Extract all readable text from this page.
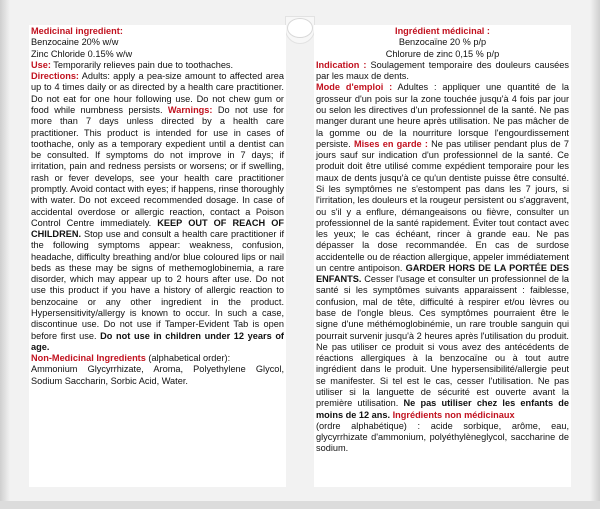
Medicinal ingredient:
Benzocaine 20% w/w
Zinc Chloride 0.15% w/w
Use: Temporarily relieves pain due to toothaches.
Directions: Adults: apply a pea-size amount to affected area up to 4 times daily or as directed by a health care practitioner. Do not eat for one hour following use. Do not chew gum or food while numbness persists. Warnings: Do not use for more than 7 days unless directed by a health care practitioner. This product is intended for use in cases of toothache, only as a temporary expedient until a dentist can be consulted. If symptoms do not improve in 7 days; if irritation, pain and redness persists or worsens; or if swelling, rash or fever develops, see your health care practitioner promptly. Avoid contact with eyes; if happens, rinse thoroughly with water. Do not exceed recommended dosage. In case of accidental overdose or allergic reaction, contact a Poison Control Centre immediately. KEEP OUT OF REACH OF CHILDREN. Stop use and consult a health care practitioner if the following symptoms appear: weakness, confusion, headache, difficulty breathing and/or blue coloured lips or nail beds as these may be signs of methemoglobinemia, a rare disorder, which may appear up to 2 hours after use. Do not use this product if you have a history of allergic reaction to benzocaine or any other ingredient in the product. Hypersensitivity/allergy is known to occur. In such a case, discontinue use. Do not use if Tamper-Evident Tab is open before first use. Do not use in children under 12 years of age.
Non-Medicinal Ingredients (alphabetical order):
Ammonium Glycyrrhizate, Aroma, Polyethylene Glycol, Sodium Saccharin, Sorbic Acid, Water.
Ingrédient médicinal :
Benzocaïne 20 % p/p
Chlorure de zinc 0,15 % p/p
Indication : Soulagement temporaire des douleurs causées par les maux de dents.
Mode d'emploi : Adultes : appliquer une quantité de la grosseur d'un pois sur la zone touchée jusqu'à 4 fois par jour ou selon les directives d'un professionnel de la santé. Ne pas manger durant une heure après utilisation. Ne pas mâcher de la gomme ou de la nourriture lorsque l'engourdissement persiste. Mises en garde : Ne pas utiliser pendant plus de 7 jours sauf sur indication d'un professionnel de la santé. Ce produit doit être utilisé comme expédient temporaire pour les maux de dents jusqu'à ce qu'un dentiste puisse être consulté. Si les symptômes ne s'estompent pas dans les 7 jours, si l'irritation, les douleurs et la rougeur persistent ou s'aggravent, ou s'il y a enflure, démangeaisons ou fièvre, consulter un professionnel de la santé rapidement. Éviter tout contact avec les yeux; le cas échéant, rincer à grande eau. Ne pas dépasser la dose recommandée. En cas de surdose accidentelle ou de réaction allergique, appeler immédiatement un centre antipoison. GARDER HORS DE LA PORTÉE DES ENFANTS. Cesser l'usage et consulter un professionnel de la santé si les symptômes suivants apparaissent : faiblesse, confusion, mal de tête, difficulté à respirer et/ou lèvres ou base de l'ongle bleus. Ces symptômes pourraient être le signe d'une méthémoglobinémie, un rare trouble sanguin qui pourrait survenir jusqu'à 2 heures après l'utilisation du produit. Ne pas utiliser ce produit si vous avez des antécédents de réactions allergiques à la benzocaïne ou à tout autre ingrédient dans le produit. Une hypersensibilité/allergie peut se manifester. Si tel est le cas, cesser l'utilisation. Ne pas utiliser si la languette de sécurité est ouverte avant la première utilisation. Ne pas utiliser chez les enfants de moins de 12 ans. Ingrédients non médicinaux
(ordre alphabétique) : acide sorbique, arôme, eau, glycyrrhizate d'ammonium, polyéthylèneglycol, saccharine de sodium.
